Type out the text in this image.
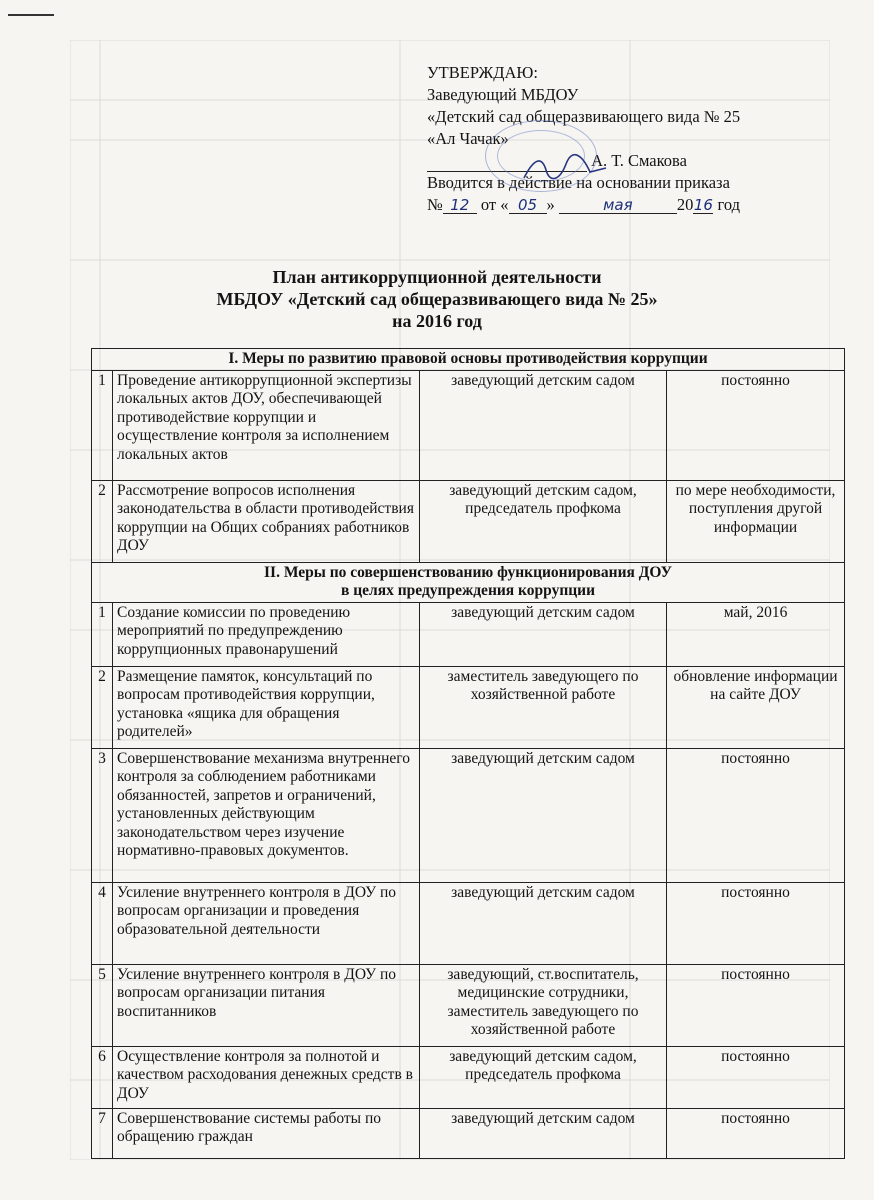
УТВЕРЖДАЮ:
Заведующий МБДОУ
«Детский сад общеразвивающего вида № 25
«Ал Чачак»
А. Т. Смакова
Вводится в действие на основании приказа
№ 12 от « 05 »	мая	2016 год
План антикоррупционной деятельности
МБДОУ «Детский сад общеразвивающего вида № 25»
на 2016 год
I. Меры по развитию правовой основы противодействия коррупции			

1	Проведение антикоррупционной экспертизы локальных актов ДОУ, обеспечивающей противодействие коррупции и осуществление контроля за исполнением локальных актов	заведующий детским садом	постоянно
2	Рассмотрение вопросов исполнения законодательства в области противодействия коррупции на Общих собраниях работников ДОУ	заведующий детским садом, председатель профкома	по мере необходимости, поступления другой информации

II. Меры по совершенствованию функционирования ДОУ
в целях предупреждения коррупции			

1	Создание комиссии по проведению мероприятий по предупреждению коррупционных правонарушений	заведующий детским садом	май, 2016
2	Размещение памяток, консультаций по вопросам противодействия коррупции, установка «ящика для обращения родителей»	заместитель заведующего по хозяйственной работе	обновление информации на сайте ДОУ
3	Совершенствование механизма внутреннего контроля за соблюдением работниками обязанностей, запретов и ограничений, установленных действующим законодательством через изучение нормативно-правовых документов.	заведующий детским садом	постоянно
4	Усиление внутреннего контроля в ДОУ по вопросам организации и проведения образовательной деятельности	заведующий детским садом	постоянно
5	Усиление внутреннего контроля в ДОУ по вопросам организации питания воспитанников	заведующий, ст.воспитатель, медицинские сотрудники, заместитель заведующего по хозяйственной работе	постоянно
6	Осуществление контроля за полнотой и качеством расходования денежных средств в ДОУ	заведующий детским садом, председатель профкома	постоянно
7	Совершенствование системы работы по обращению граждан	заведующий детским садом	постоянно
